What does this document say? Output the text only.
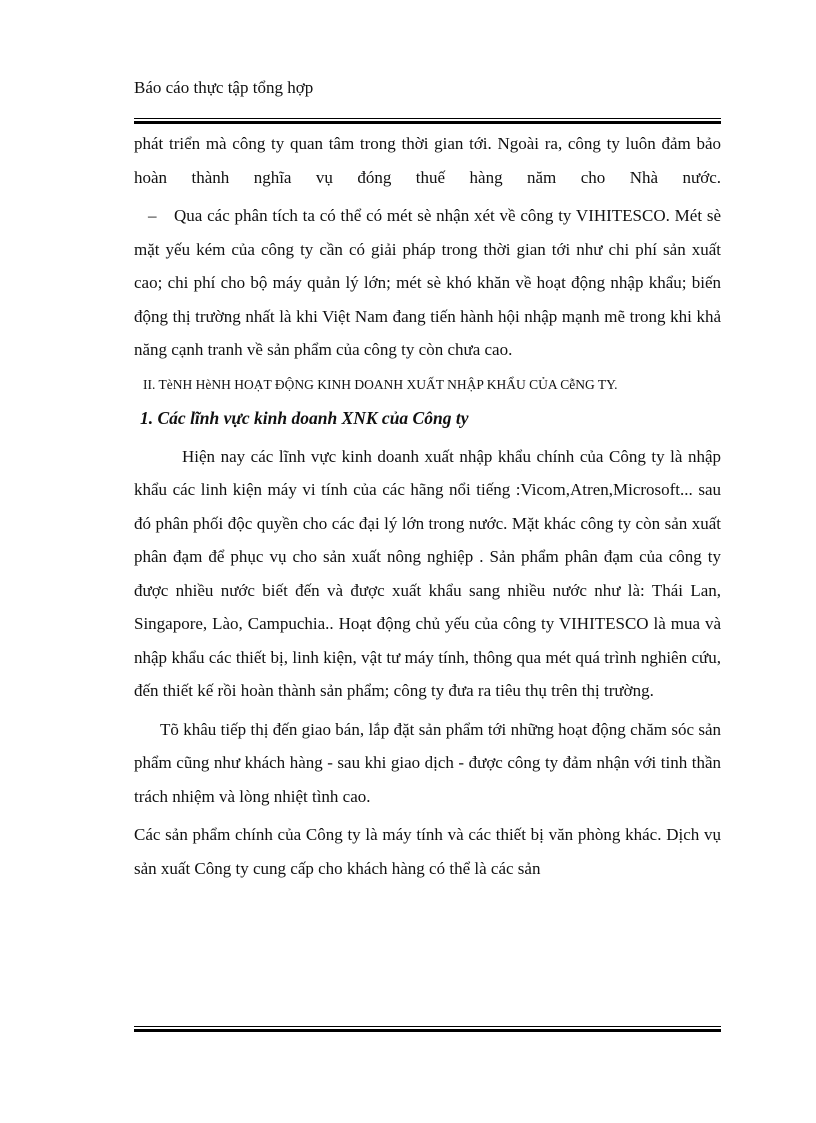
Báo cáo thực tập tổng hợp

phát triển mà công ty quan tâm trong thời gian tới. Ngoài ra, công ty luôn đảm bảo hoàn thành nghĩa vụ đóng thuế hàng năm cho Nhà nước.

– Qua các phân tích ta có thể có mét sè nhận xét về công ty VIHITESCO. Mét sè mặt yếu kém của công ty cần có giải pháp trong thời gian tới như chi phí sản xuất cao; chi phí cho bộ máy quản lý lớn; mét sè khó khăn về hoạt động nhập khẩu; biến động thị trường nhất là khi Việt Nam đang tiến hành hội nhập mạnh mẽ trong khi khả năng cạnh tranh về sản phẩm của công ty còn chưa cao.

II. TèNH HèNH HOẠT ĐỘNG KINH DOANH XUẤT NHẬP KHẨU CỦA CễNG TY.
1. Các lĩnh vực kinh doanh XNK của Công ty

Hiện nay các lĩnh vực kinh doanh xuất nhập khẩu chính của Công ty là nhập khẩu các linh kiện máy vi tính của các hãng nổi tiếng :Vicom,Atren,Microsoft... sau đó phân phối độc quyền cho các đại lý lớn trong nước. Mặt khác công ty còn sản xuất phân đạm để phục vụ cho sản xuất nông nghiệp . Sản phẩm phân đạm của công ty được nhiều nước biết đến và được xuất khẩu sang nhiều nước như là: Thái Lan, Singapore, Lào, Campuchia.. Hoạt động chủ yếu của công ty VIHITESCO là mua và nhập khẩu các thiết bị, linh kiện, vật tư máy tính, thông qua mét quá trình nghiên cứu, đến thiết kế rồi hoàn thành sản phẩm; công ty đưa ra tiêu thụ trên thị trường.

Tõ khâu tiếp thị đến giao bán, lắp đặt sản phẩm tới những hoạt động chăm sóc sản phẩm cũng như khách hàng - sau khi giao dịch - được công ty đảm nhận với tinh thần trách nhiệm và lòng nhiệt tình cao.

Các sản phẩm chính của Công ty là máy tính và các thiết bị văn phòng khác. Dịch vụ sản xuất Công ty cung cấp cho khách hàng có thể là các sản
